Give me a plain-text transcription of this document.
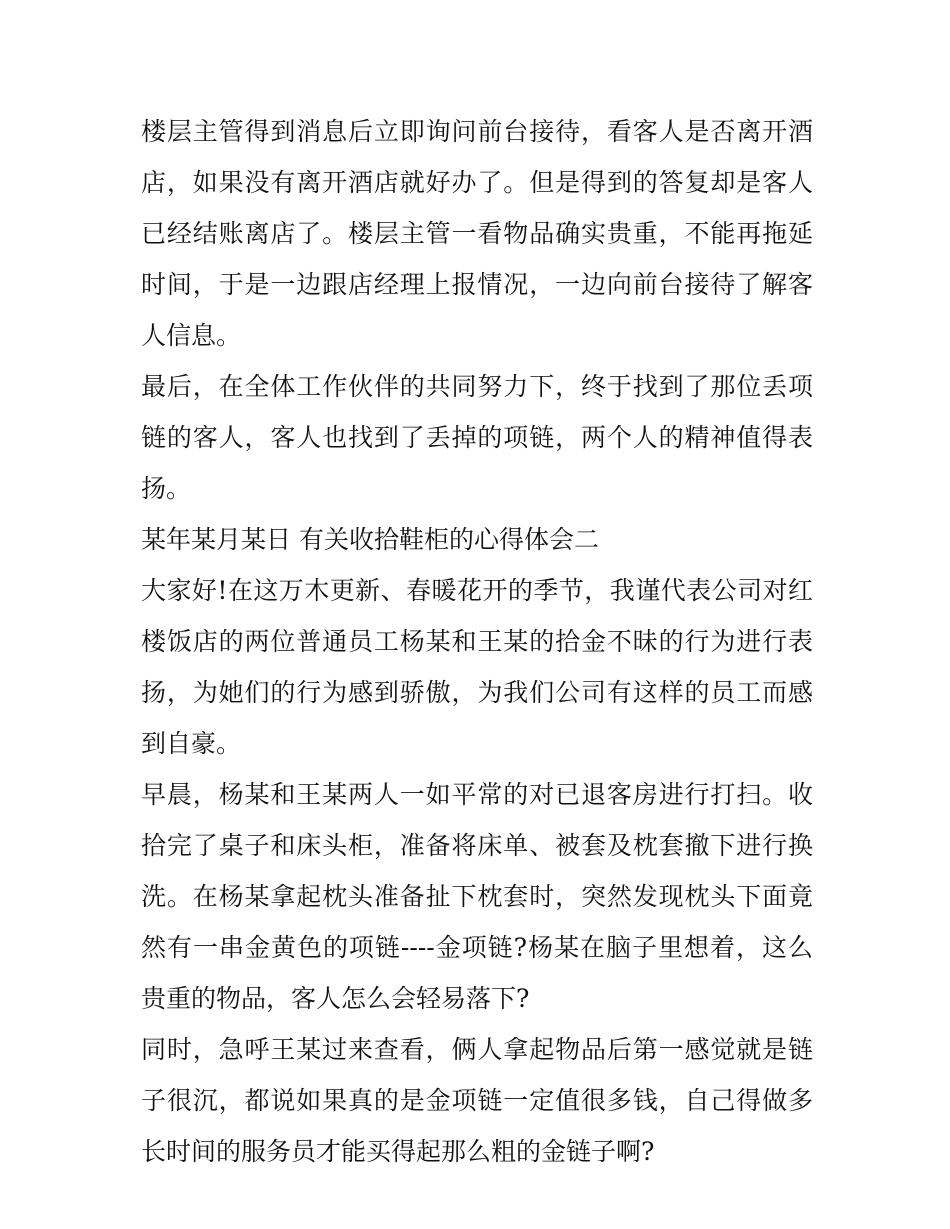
楼层主管得到消息后立即询问前台接待，看客人是否离开酒店，如果没有离开酒店就好办了。但是得到的答复却是客人已经结账离店了。楼层主管一看物品确实贵重，不能再拖延时间，于是一边跟店经理上报情况，一边向前台接待了解客人信息。

最后，在全体工作伙伴的共同努力下，终于找到了那位丢项链的客人，客人也找到了丢掉的项链，两个人的精神值得表扬。

某年某月某日 有关收拾鞋柜的心得体会二

大家好!在这万木更新、春暖花开的季节，我谨代表公司对红楼饭店的两位普通员工杨某和王某的拾金不昧的行为进行表扬，为她们的行为感到骄傲，为我们公司有这样的员工而感到自豪。

早晨，杨某和王某两人一如平常的对已退客房进行打扫。收拾完了桌子和床头柜，准备将床单、被套及枕套撤下进行换洗。在杨某拿起枕头准备扯下枕套时，突然发现枕头下面竟然有一串金黄色的项链----金项链?杨某在脑子里想着，这么贵重的物品，客人怎么会轻易落下?

同时，急呼王某过来查看，俩人拿起物品后第一感觉就是链子很沉，都说如果真的是金项链一定值很多钱，自己得做多长时间的服务员才能买得起那么粗的金链子啊?
